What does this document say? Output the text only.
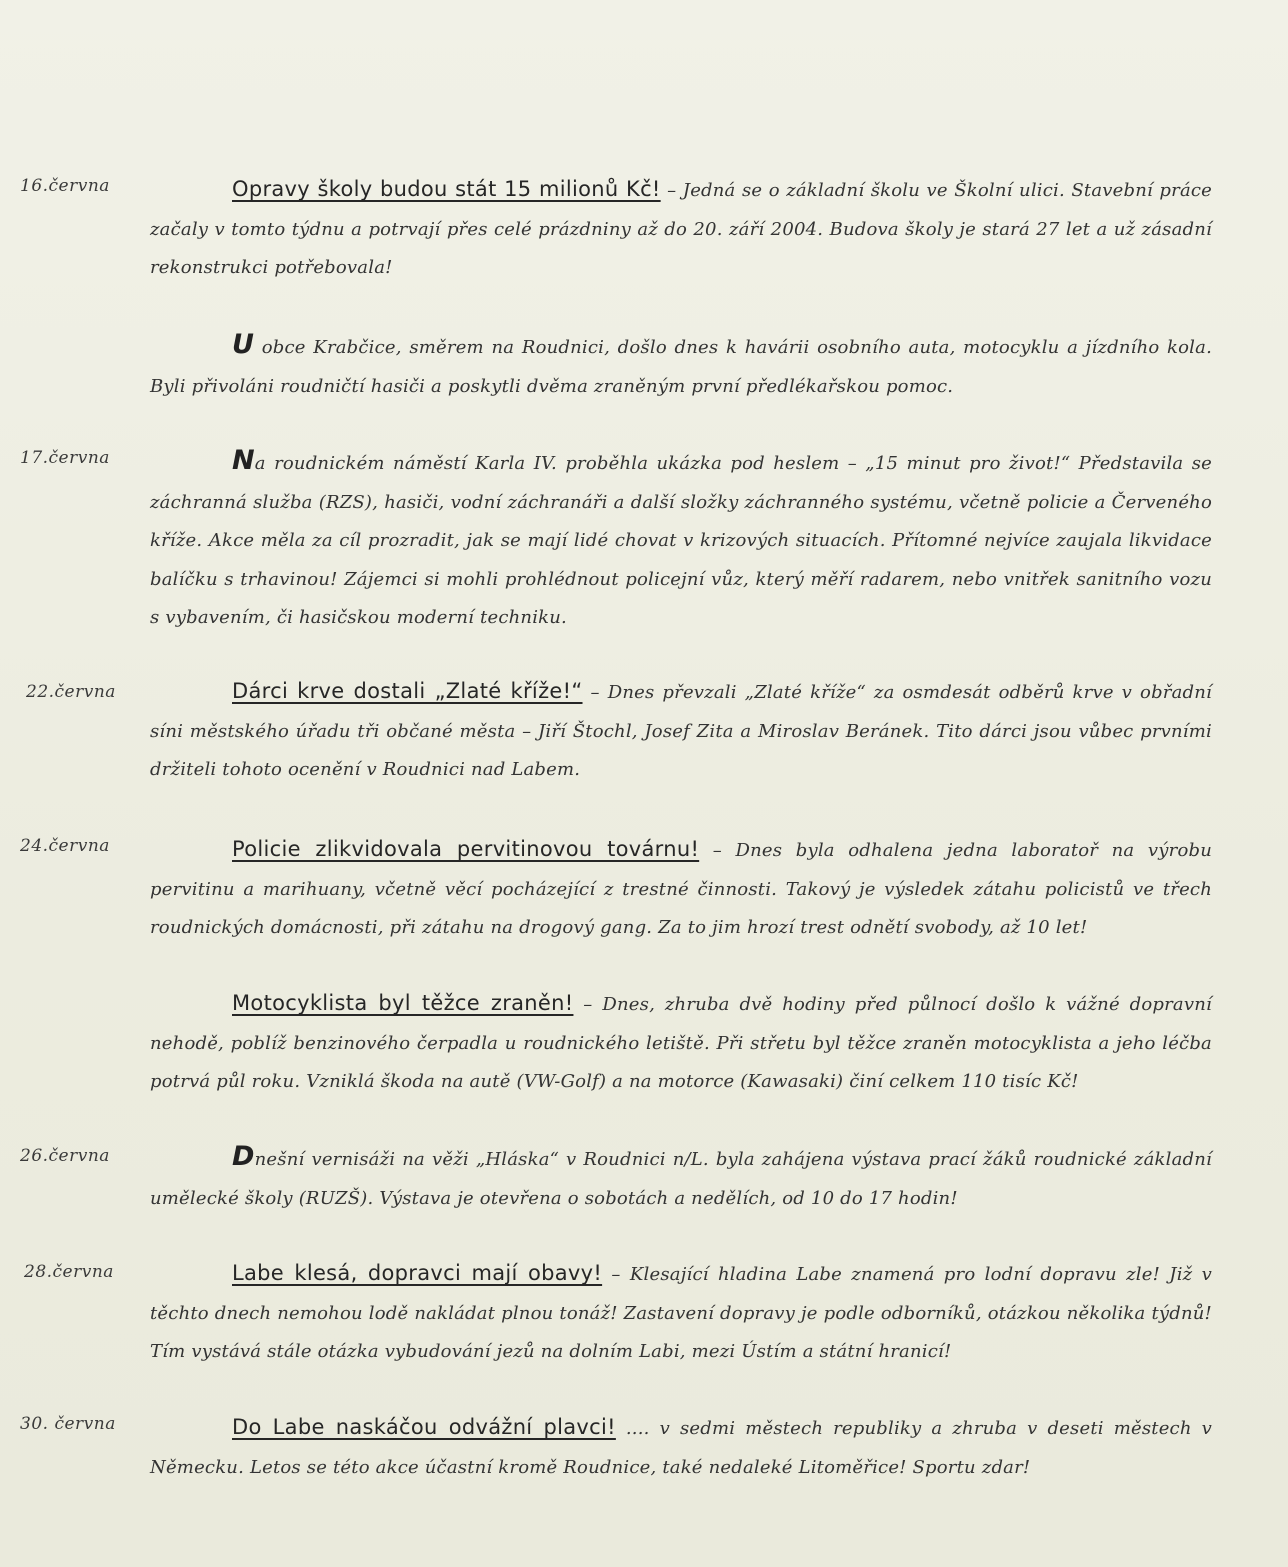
16.června	Opravy školy budou stát 15 milionů Kč! – Jedná se o základní školu ve Školní ulici. Stavební práce začaly v tomto týdnu a potrvají přes celé prázdniny až do 20. září 2004. Budova školy je stará 27 let a už zásadní rekonstrukci potřebovala!
U obce Krabčice, směrem na Roudnici, došlo dnes k havárii osobního auta, motocyklu a jízdního kola. Byli přivoláni roudničtí hasiči a poskytli dvěma zraněným první předlékařskou pomoc.
17.června	Na roudnickém náměstí Karla IV. proběhla ukázka pod heslem – „15 minut pro život!“ Představila se záchranná služba (RZS), hasiči, vodní záchranáři a další složky záchranného systému, včetně policie a Červeného kříže. Akce měla za cíl prozradit, jak se mají lidé chovat v krizových situacích. Přítomné nejvíce zaujala likvidace balíčku s trhavinou! Zájemci si mohli prohlédnout policejní vůz, který měří radarem, nebo vnitřek sanitního vozu s vybavením, či hasičskou moderní techniku.
22.června	Dárci krve dostali „Zlaté kříže!“ – Dnes převzali „Zlaté kříže“ za osmdesát odběrů krve v obřadní síni městského úřadu tři občané města – Jiří Štochl, Josef Zita a Miroslav Beránek. Tito dárci jsou vůbec prvními držiteli tohoto ocenění v Roudnici nad Labem.
24.června	Policie zlikvidovala pervitinovou továrnu! – Dnes byla odhalena jedna laboratoř na výrobu pervitinu a marihuany, včetně věcí pocházející z trestné činnosti. Takový je výsledek zátahu policistů ve třech roudnických domácnosti, při zátahu na drogový gang. Za to jim hrozí trest odnětí svobody, až 10 let!
Motocyklista byl těžce zraněn! – Dnes, zhruba dvě hodiny před půlnocí došlo k vážné dopravní nehodě, poblíž benzinového čerpadla u roudnického letiště. Při střetu byl těžce zraněn motocyklista a jeho léčba potrvá půl roku. Vzniklá škoda na autě (VW-Golf) a na motorce (Kawasaki) činí celkem 110 tisíc Kč!
26.června	Dnešní vernisáži na věži „Hláska“ v Roudnici n/L. byla zahájena výstava prací žáků roudnické základní umělecké školy (RUZŠ). Výstava je otevřena o sobotách a nedělích, od 10 do 17 hodin!
28.června	Labe klesá, dopravci mají obavy! – Klesající hladina Labe znamená pro lodní dopravu zle! Již v těchto dnech nemohou lodě nakládat plnou tonáž! Zastavení dopravy je podle odborníků, otázkou několika týdnů! Tím vystává stále otázka vybudování jezů na dolním Labi, mezi Ústím a státní hranicí!
30. června	Do Labe naskáčou odvážní plavci! .... v sedmi městech republiky a zhruba v deseti městech v Německu. Letos se této akce účastní kromě Roudnice, také nedaleké Litoměřice! Sportu zdar!
